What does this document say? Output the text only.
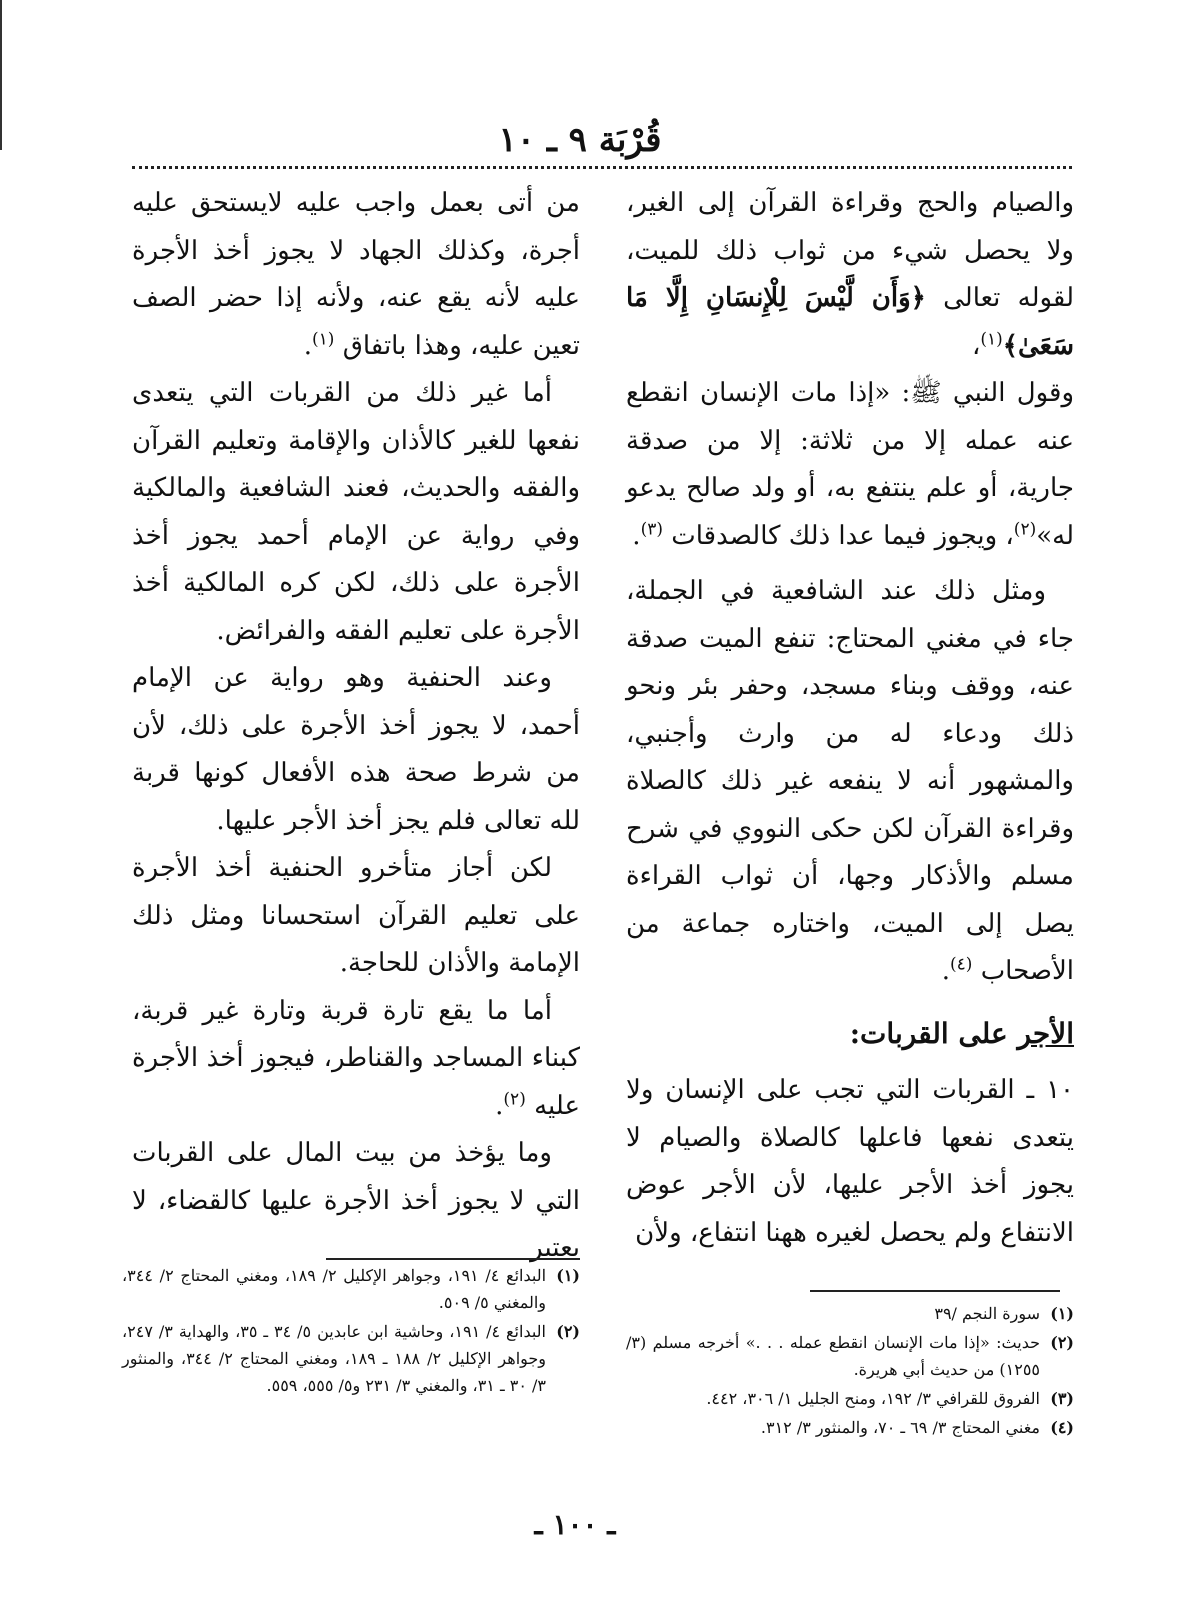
قُرْبَة ٩ ـ ١٠

والصيام والحج وقراءة القرآن إلى الغير، ولا يحصل شيء من ثواب ذلك للميت، لقوله تعالى ﴿وَأَن لَّيْسَ لِلْإِنسَانِ إِلَّا مَا سَعَىٰ﴾$^{(١)}$،

وقول النبي ﷺ: «إذا مات الإنسان انقطع عنه عمله إلا من ثلاثة: إلا من صدقة جارية، أو علم ينتفع به، أو ولد صالح يدعو له»$^{(٢)}$، ويجوز فيما عدا ذلك كالصدقات $^{(٣)}$.

ومثل ذلك عند الشافعية في الجملة، جاء في مغني المحتاج: تنفع الميت صدقة عنه، ووقف وبناء مسجد، وحفر بئر ونحو ذلك ودعاء له من وارث وأجنبي، والمشهور أنه لا ينفعه غير ذلك كالصلاة وقراءة القرآن لكن حكى النووي في شرح مسلم والأذكار وجها، أن ثواب القراءة يصل إلى الميت، واختاره جماعة من الأصحاب $^{(٤)}$.

الأجر على القربات:

١٠ ـ القربات التي تجب على الإنسان ولا يتعدى نفعها فاعلها كالصلاة والصيام لا يجوز أخذ الأجر عليها، لأن الأجر عوض الانتفاع ولم يحصل لغيره ههنا انتفاع، ولأن

من أتى بعمل واجب عليه لايستحق عليه أجرة، وكذلك الجهاد لا يجوز أخذ الأجرة عليه لأنه يقع عنه، ولأنه إذا حضر الصف تعين عليه، وهذا باتفاق $^{(١)}$.

أما غير ذلك من القربات التي يتعدى نفعها للغير كالأذان والإقامة وتعليم القرآن والفقه والحديث، فعند الشافعية والمالكية وفي رواية عن الإمام أحمد يجوز أخذ الأجرة على ذلك، لكن كره المالكية أخذ الأجرة على تعليم الفقه والفرائض.

وعند الحنفية وهو رواية عن الإمام أحمد، لا يجوز أخذ الأجرة على ذلك، لأن من شرط صحة هذه الأفعال كونها قربة لله تعالى فلم يجز أخذ الأجر عليها.

لكن أجاز متأخرو الحنفية أخذ الأجرة على تعليم القرآن استحسانا ومثل ذلك الإمامة والأذان للحاجة.

أما ما يقع تارة قربة وتارة غير قربة، كبناء المساجد والقناطر، فيجوز أخذ الأجرة عليه $^{(٢)}$.

وما يؤخذ من بيت المال على القربات التي لا يجوز أخذ الأجرة عليها كالقضاء، لا يعتبر

(١)
سورة النجم /٣٩
(٢)
حديث: «إذا مات الإنسان انقطع عمله . . .» أخرجه مسلم (٣/ ١٢٥٥) من حديث أبي هريرة.
(٣)
الفروق للقرافي ٣/ ١٩٢، ومنح الجليل ١/ ٣٠٦، ٤٤٢.
(٤)
مغني المحتاج ٣/ ٦٩ ـ ٧٠، والمنثور ٣/ ٣١٢.
(١)
البدائع ٤/ ١٩١، وجواهر الإكليل ٢/ ١٨٩، ومغني المحتاج ٢/ ٣٤٤، والمغني ٥/ ٥٠٩.
(٢)
البدائع ٤/ ١٩١، وحاشية ابن عابدين ٥/ ٣٤ ـ ٣٥، والهداية ٣/ ٢٤٧، وجواهر الإكليل ٢/ ١٨٨ ـ ١٨٩، ومغني المحتاج ٢/ ٣٤٤، والمنثور ٣/ ٣٠ ـ ٣١، والمغني ٣/ ٢٣١ و٥/ ٥٥٥، ٥٥٩.
ـ ١٠٠ ـ
